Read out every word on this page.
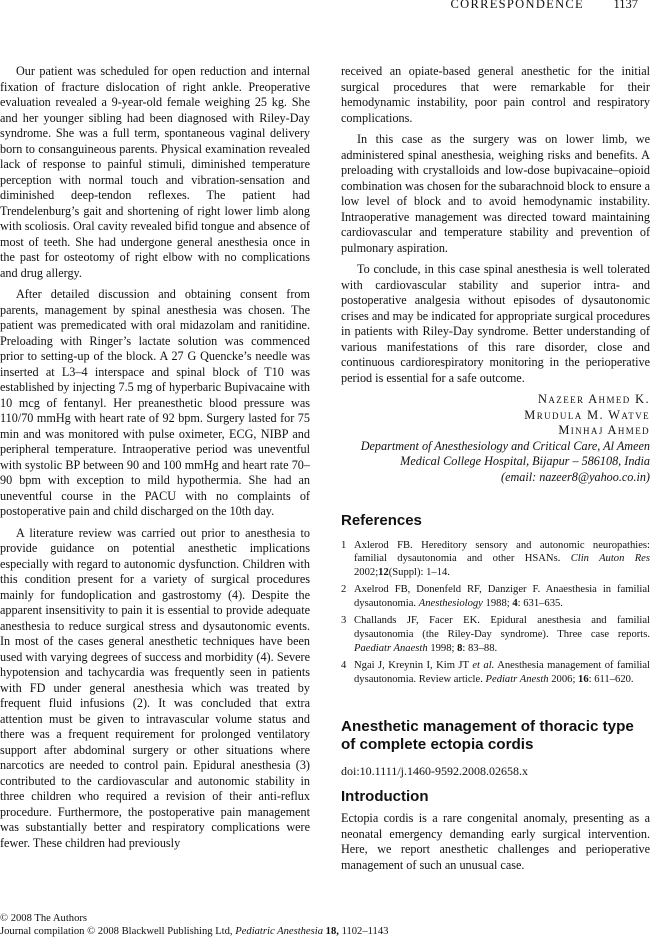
CORRESPONDENCE 1137

Our patient was scheduled for open reduction and internal fixation of fracture dislocation of right ankle. Preoperative evaluation revealed a 9-year-old female weighing 25 kg. She and her younger sibling had been diagnosed with Riley-Day syndrome. She was a full term, spontaneous vaginal delivery born to consanguineous parents. Physical examination revealed lack of response to painful stimuli, diminished temperature perception with normal touch and vibration-sensation and diminished deep-tendon reflexes. The patient had Trendelenburg’s gait and shortening of right lower limb along with scoliosis. Oral cavity revealed bifid tongue and absence of most of teeth. She had undergone general anesthesia once in the past for osteotomy of right elbow with no complications and drug allergy.

After detailed discussion and obtaining consent from parents, management by spinal anesthesia was chosen. The patient was premedicated with oral midazolam and ranitidine. Preloading with Ringer’s lactate solution was commenced prior to setting-up of the block. A 27 G Quencke’s needle was inserted at L3–4 interspace and spinal block of T10 was established by injecting 7.5 mg of hyperbaric Bupivacaine with 10 mcg of fentanyl. Her preanesthetic blood pressure was 110/70 mmHg with heart rate of 92 bpm. Surgery lasted for 75 min and was monitored with pulse oximeter, ECG, NIBP and peripheral temperature. Intraoperative period was uneventful with systolic BP between 90 and 100 mmHg and heart rate 70–90 bpm with exception to mild hypothermia. She had an uneventful course in the PACU with no complaints of postoperative pain and child discharged on the 10th day.

A literature review was carried out prior to anesthesia to provide guidance on potential anesthetic implications especially with regard to autonomic dysfunction. Children with this condition present for a variety of surgical procedures mainly for fundoplication and gastrostomy (4). Despite the apparent insensitivity to pain it is essential to provide adequate anesthesia to reduce surgical stress and dysautonomic events. In most of the cases general anesthetic techniques have been used with varying degrees of success and morbidity (4). Severe hypotension and tachycardia was frequently seen in patients with FD under general anesthesia which was treated by frequent fluid infusions (2). It was concluded that extra attention must be given to intravascular volume status and there was a frequent requirement for prolonged ventilatory support after abdominal surgery or other situations where narcotics are needed to control pain. Epidural anesthesia (3) contributed to the cardiovascular and autonomic stability in three children who required a revision of their anti-reflux procedure. Furthermore, the postoperative pain management was substantially better and respiratory complications were fewer. These children had previously

received an opiate-based general anesthetic for the initial surgical procedures that were remarkable for their hemodynamic instability, poor pain control and respiratory complications.

In this case as the surgery was on lower limb, we administered spinal anesthesia, weighing risks and benefits. A preloading with crystalloids and low-dose bupivacaine–opioid combination was chosen for the subarachnoid block to ensure a low level of block and to avoid hemodynamic instability. Intraoperative management was directed toward maintaining cardiovascular and temperature stability and prevention of pulmonary aspiration.

To conclude, in this case spinal anesthesia is well tolerated with cardiovascular stability and superior intra- and postoperative analgesia without episodes of dysautonomic crises and may be indicated for appropriate surgical procedures in patients with Riley-Day syndrome. Better understanding of various manifestations of this rare disorder, close and continuous cardiorespiratory monitoring in the perioperative period is essential for a safe outcome.

Nazeer Ahmed K.
Mrudula M. Watve
Minhaj Ahmed
Department of Anesthesiology and Critical Care, Al Ameen
Medical College Hospital, Bijapur – 586108, India
(email: nazeer8@yahoo.co.in)
References
1 Axlerod FB. Hereditory sensory and autonomic neuropathies: familial dysautonomia and other HSANs. Clin Auton Res 2002;12(Suppl): 1–14.
2 Axelrod FB, Donenfeld RF, Danziger F. Anaesthesia in familial dysautonomia. Anesthesiology 1988; 4: 631–635.
3 Challands JF, Facer EK. Epidural anesthesia and familial dysautonomia (the Riley-Day syndrome). Three case reports. Paediatr Anaesth 1998; 8: 83–88.
4 Ngai J, Kreynin I, Kim JT et al. Anesthesia management of familial dysautonomia. Review article. Pediatr Anesth 2006; 16: 611–620.
Anesthetic management of thoracic type of complete ectopia cordis
doi:10.1111/j.1460-9592.2008.02658.x
Introduction

Ectopia cordis is a rare congenital anomaly, presenting as a neonatal emergency demanding early surgical intervention. Here, we report anesthetic challenges and perioperative management of such an unusual case.

© 2008 The Authors
Journal compilation © 2008 Blackwell Publishing Ltd, Pediatric Anesthesia 18, 1102–1143
